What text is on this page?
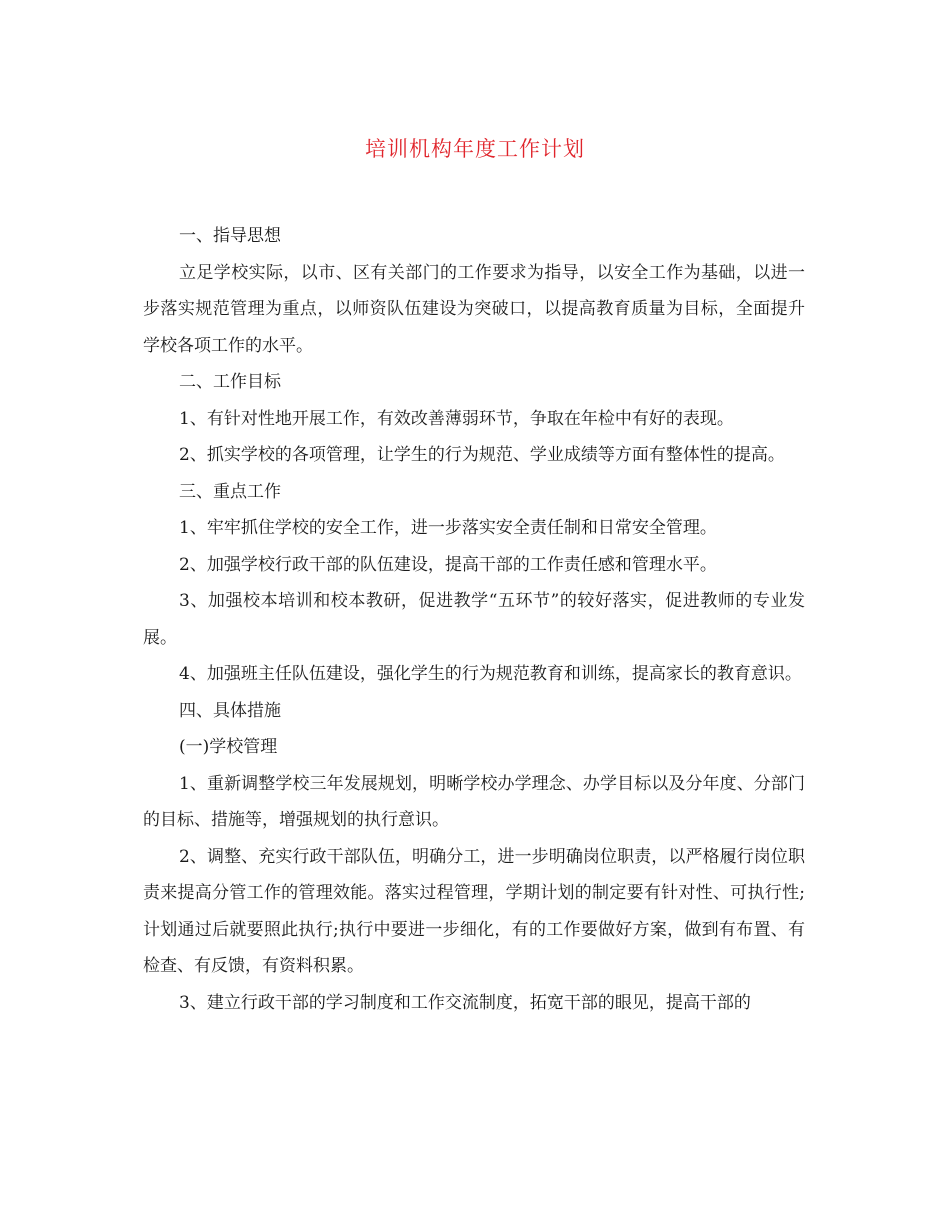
培训机构年度工作计划

一、指导思想

立足学校实际，以市、区有关部门的工作要求为指导，以安全工作为基础，以进一步落实规范管理为重点，以师资队伍建设为突破口，以提高教育质量为目标，全面提升学校各项工作的水平。

二、工作目标

1、有针对性地开展工作，有效改善薄弱环节，争取在年检中有好的表现。

2、抓实学校的各项管理，让学生的行为规范、学业成绩等方面有整体性的提高。

三、重点工作

1、牢牢抓住学校的安全工作，进一步落实安全责任制和日常安全管理。

2、加强学校行政干部的队伍建设，提高干部的工作责任感和管理水平。

3、加强校本培训和校本教研，促进教学“五环节”的较好落实，促进教师的专业发展。

4、加强班主任队伍建设，强化学生的行为规范教育和训练，提高家长的教育意识。

四、具体措施

(一)学校管理

1、重新调整学校三年发展规划，明晰学校办学理念、办学目标以及分年度、分部门的目标、措施等，增强规划的执行意识。

2、调整、充实行政干部队伍，明确分工，进一步明确岗位职责，以严格履行岗位职责来提高分管工作的管理效能。落实过程管理，学期计划的制定要有针对性、可执行性;计划通过后就要照此执行;执行中要进一步细化，有的工作要做好方案，做到有布置、有检查、有反馈，有资料积累。

3、建立行政干部的学习制度和工作交流制度，拓宽干部的眼见，提高干部的
